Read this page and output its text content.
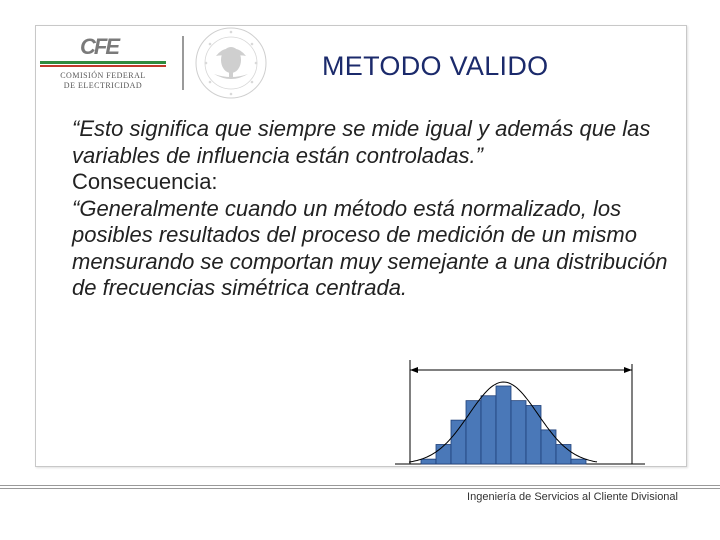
CFE
COMISIÓN FEDERAL
DE ELECTRICIDAD
METODO VALIDO
“Esto significa que siempre se mide igual y además que las variables de influencia están controladas.”
Consecuencia:
“Generalmente cuando un método está normalizado, los posibles resultados del proceso de medición de un mismo mensurando se comportan muy semejante a una distribución de frecuencias simétrica centrada.
Ingeniería de Servicios al Cliente Divisional
